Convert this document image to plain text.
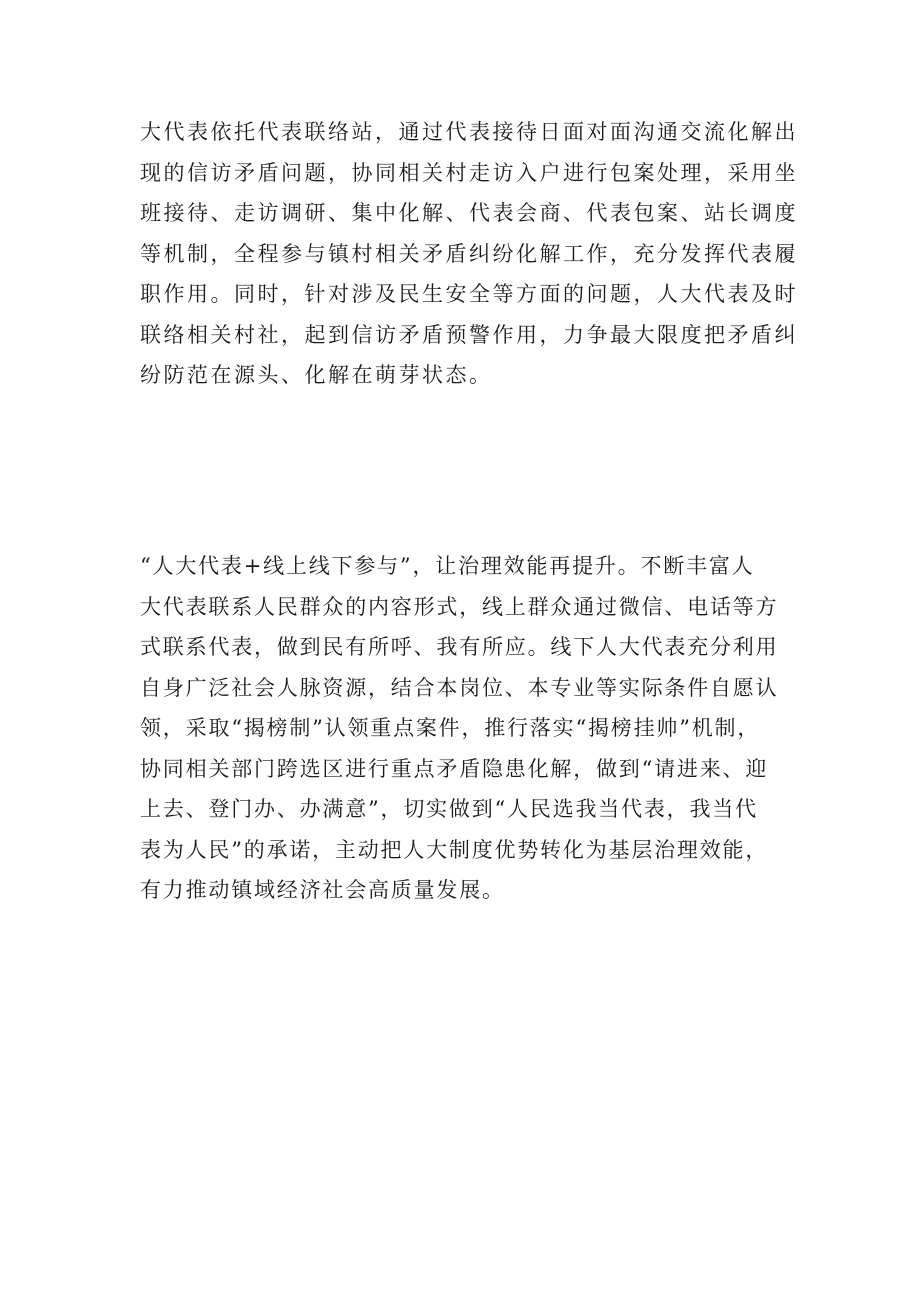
大代表依托代表联络站，通过代表接待日面对面沟通交流化解出
现的信访矛盾问题，协同相关村走访入户进行包案处理，采用坐
班接待、走访调研、集中化解、代表会商、代表包案、站长调度
等机制，全程参与镇村相关矛盾纠纷化解工作，充分发挥代表履
职作用。同时，针对涉及民生安全等方面的问题，人大代表及时
联络相关村社，起到信访矛盾预警作用，力争最大限度把矛盾纠
纷防范在源头、化解在萌芽状态。
“人大代表+线上线下参与”，让治理效能再提升。不断丰富人
大代表联系人民群众的内容形式，线上群众通过微信、电话等方
式联系代表，做到民有所呼、我有所应。线下人大代表充分利用
自身广泛社会人脉资源，结合本岗位、本专业等实际条件自愿认
领，采取“揭榜制”认领重点案件，推行落实“揭榜挂帅”机制，
协同相关部门跨选区进行重点矛盾隐患化解，做到“请进来、迎
上去、登门办、办满意”，切实做到“人民选我当代表，我当代
表为人民”的承诺，主动把人大制度优势转化为基层治理效能，
有力推动镇域经济社会高质量发展。
